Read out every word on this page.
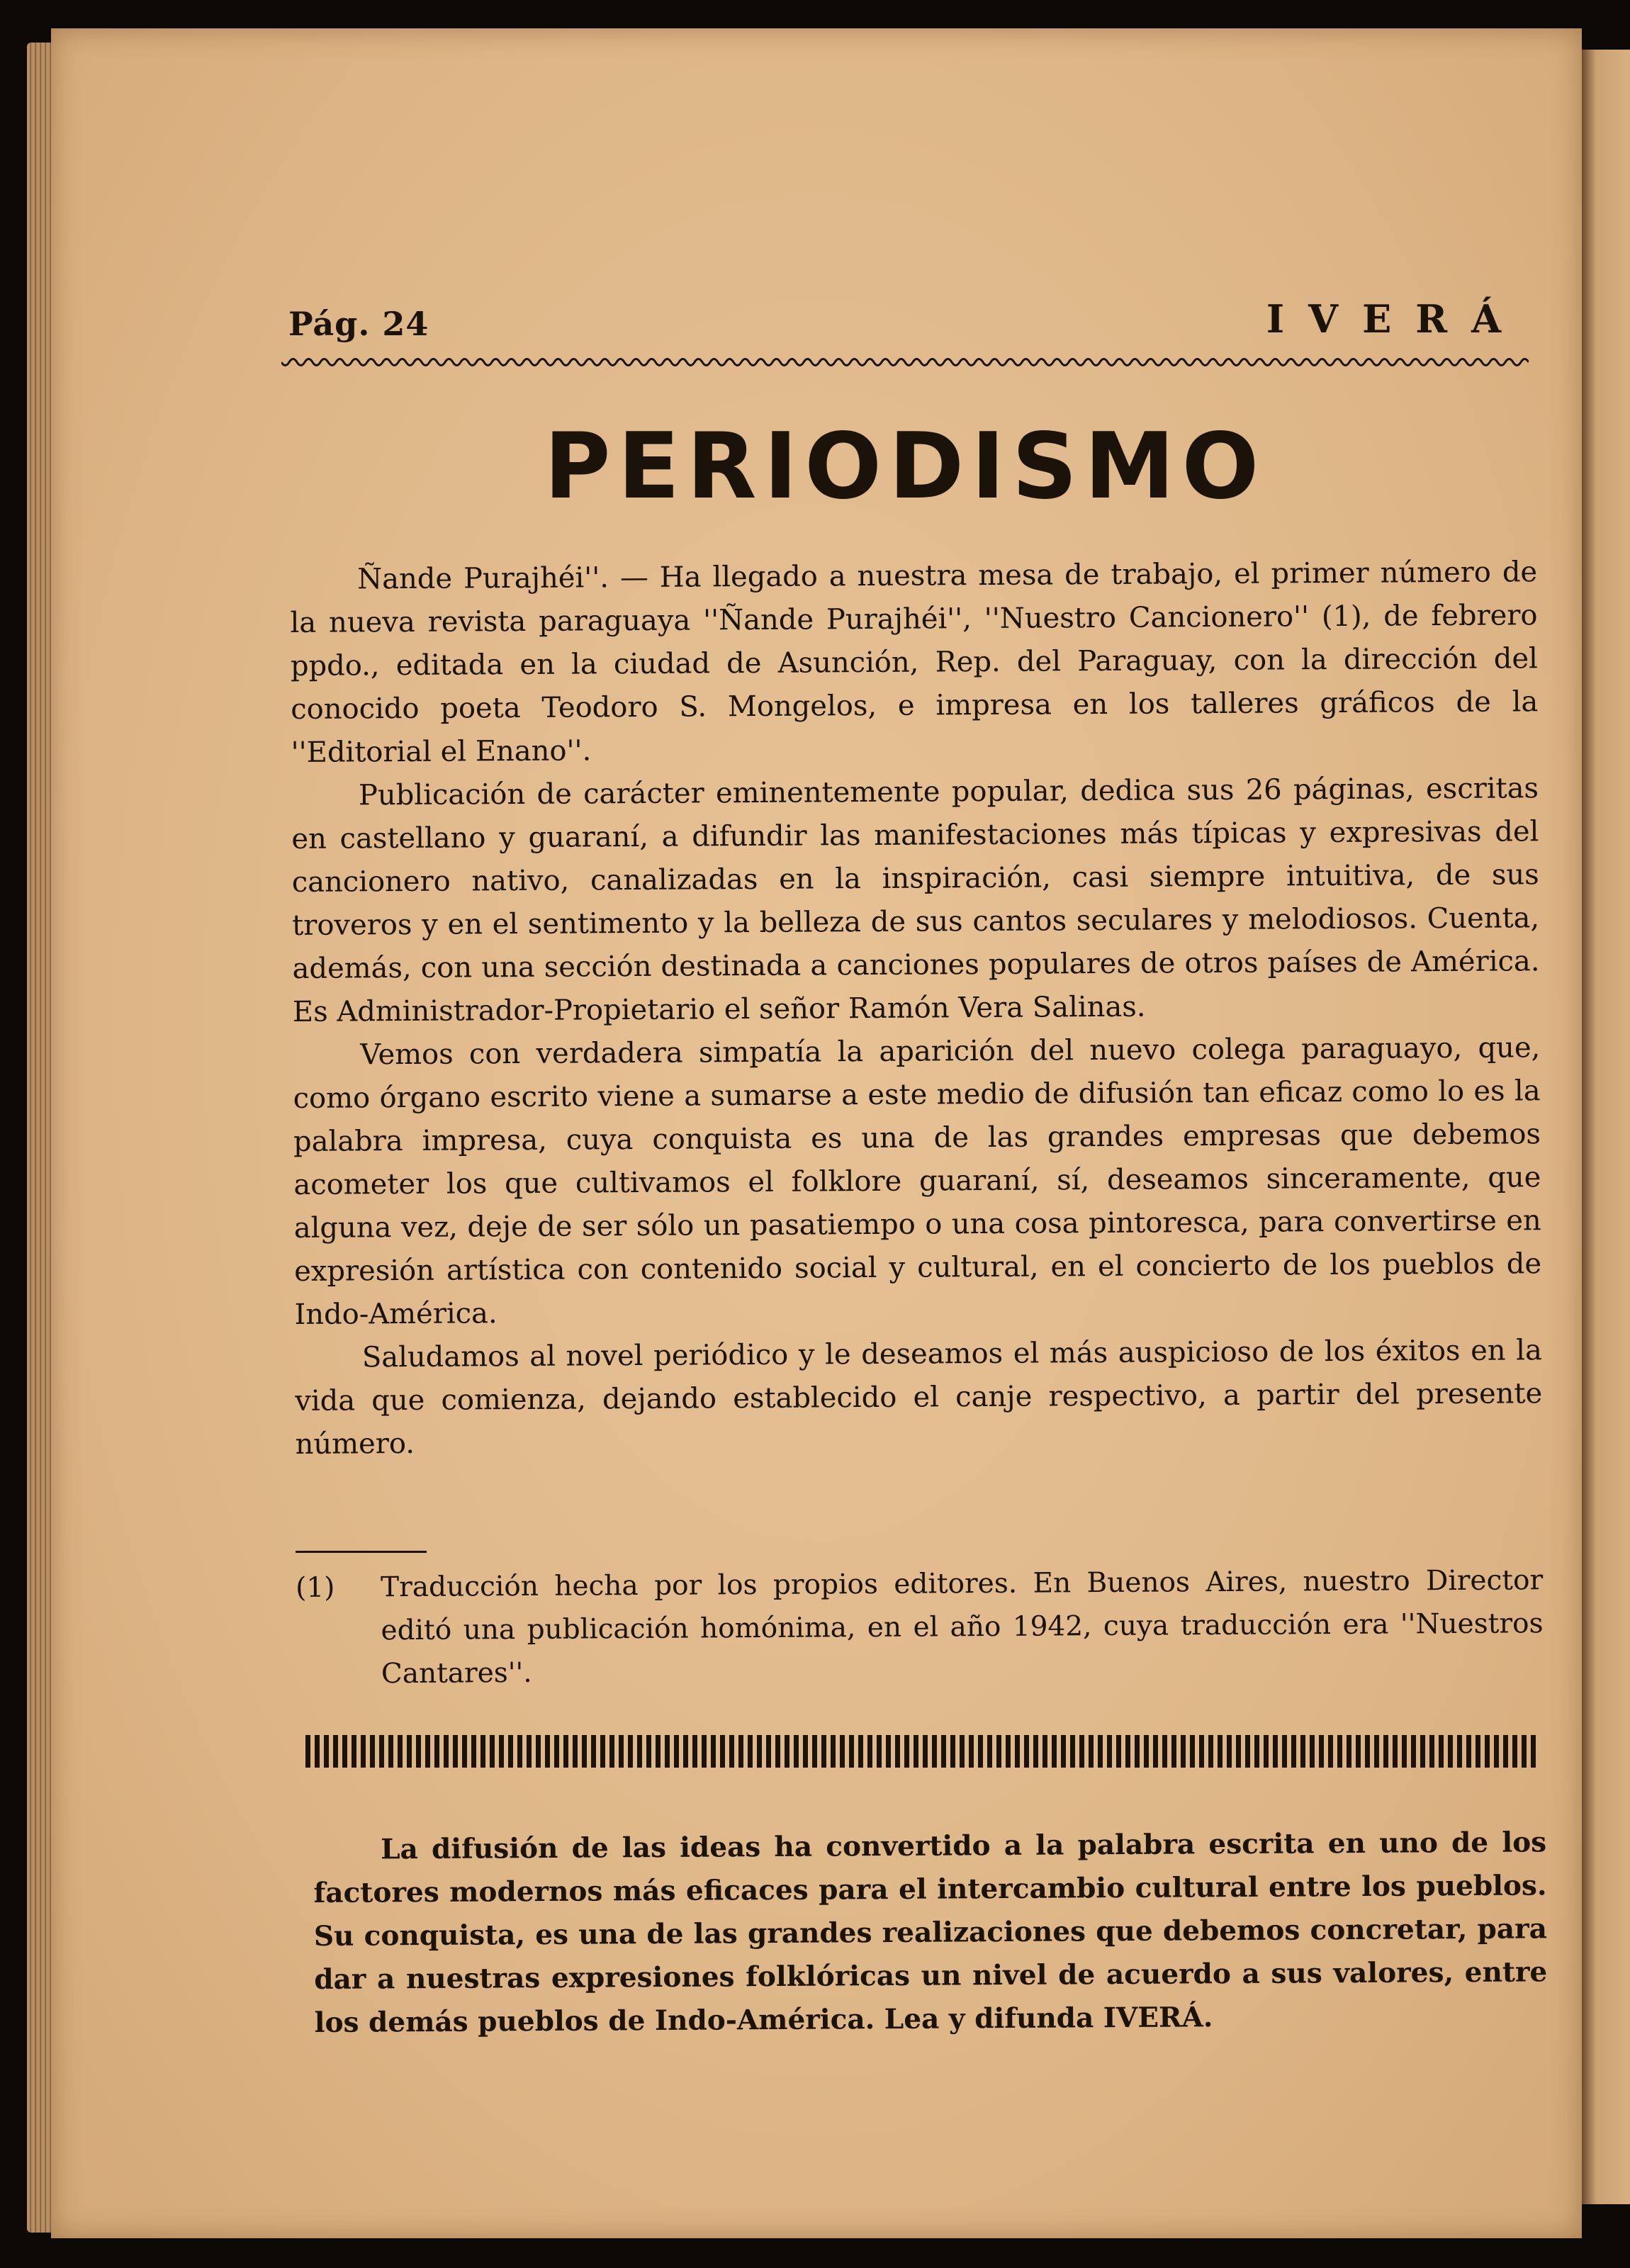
Pág. 24	IVERÁ
PERIODISMO

Ñande Purajhéi''. — Ha llegado a nuestra mesa de trabajo, el primer número de la nueva revista paraguaya ''Ñande Purajhéi'', ''Nuestro Cancionero'' (1), de febrero ppdo., editada en la ciudad de Asunción, Rep. del Paraguay, con la dirección del conocido poeta Teodoro S. Mongelos, e impresa en los talleres gráficos de la ''Editorial el Enano''.

Publicación de carácter eminentemente popular, dedica sus 26 páginas, escritas en castellano y guaraní, a difundir las manifestaciones más típicas y expresivas del cancionero nativo, canalizadas en la inspiración, casi siempre intuitiva, de sus troveros y en el sentimento y la belleza de sus cantos seculares y melodiosos. Cuenta, además, con una sección destinada a canciones populares de otros países de América. Es Administrador-Propietario el señor Ramón Vera Salinas.

Vemos con verdadera simpatía la aparición del nuevo colega paraguayo, que, como órgano escrito viene a sumarse a este medio de difusión tan eficaz como lo es la palabra impresa, cuya conquista es una de las grandes empresas que debemos acometer los que cultivamos el folklore guaraní, sí, deseamos sinceramente, que alguna vez, deje de ser sólo un pasatiempo o una cosa pintoresca, para convertirse en expresión artística con contenido social y cultural, en el concierto de los pueblos de Indo-América.

Saludamos al novel periódico y le deseamos el más auspicioso de los éxitos en la vida que comienza, dejando establecido el canje respectivo, a partir del presente número.

(1) Traducción hecha por los propios editores. En Buenos Aires, nuestro Director editó una publicación homónima, en el año 1942, cuya traducción era ''Nuestros Cantares''.

La difusión de las ideas ha convertido a la palabra escrita en uno de los factores modernos más eficaces para el intercambio cultural entre los pueblos. Su conquista, es una de las grandes realizaciones que debemos concretar, para dar a nuestras expresiones folklóricas un nivel de acuerdo a sus valores, entre los demás pueblos de Indo-América. Lea y difunda IVERÁ.
